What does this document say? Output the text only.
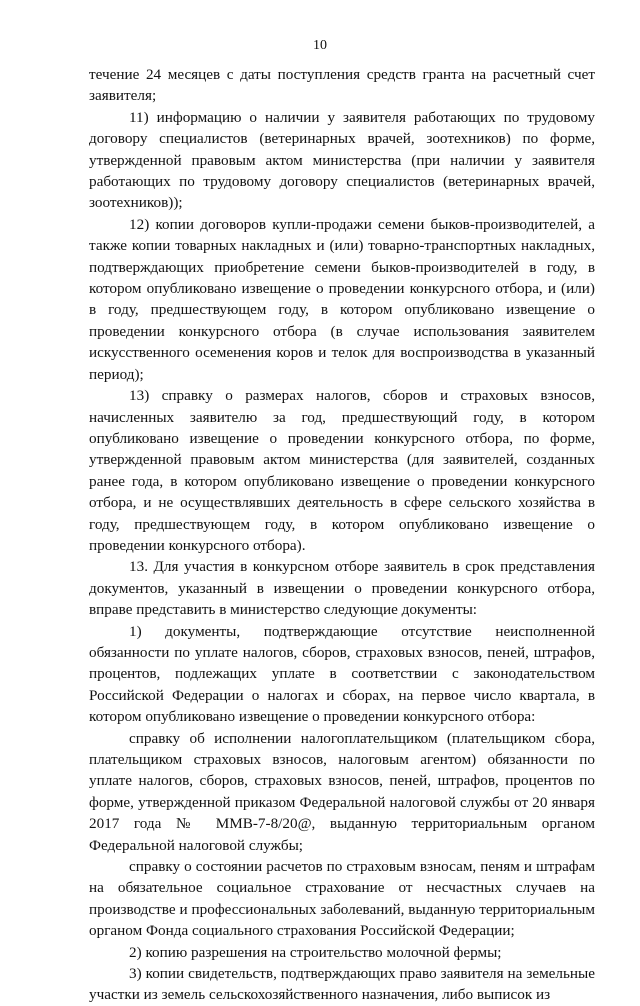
10

течение 24 месяцев с даты поступления средств гранта на расчетный счет заявителя;

11) информацию о наличии у заявителя работающих по трудовому договору специалистов (ветеринарных врачей, зоотехников) по форме, утвержденной правовым актом министерства (при наличии у заявителя работающих по трудовому договору специалистов (ветеринарных врачей, зоотехников));

12) копии договоров купли-продажи семени быков-производителей, а также копии товарных накладных и (или) товарно-транспортных накладных, подтверждающих приобретение семени быков-производителей в году, в котором опубликовано извещение о проведении конкурсного отбора, и (или) в году, предшествующем году, в котором опубликовано извещение о проведении конкурсного отбора (в случае использования заявителем искусственного осеменения коров и телок для воспроизводства в указанный период);

13) справку о размерах налогов, сборов и страховых взносов, начисленных заявителю за год, предшествующий году, в котором опубликовано извещение о проведении конкурсного отбора, по форме, утвержденной правовым актом министерства (для заявителей, созданных ранее года, в котором опубликовано извещение о проведении конкурсного отбора, и не осуществлявших деятельность в сфере сельского хозяйства в году, предшествующем году, в котором опубликовано извещение о проведении конкурсного отбора).

13. Для участия в конкурсном отборе заявитель в срок представления документов, указанный в извещении о проведении конкурсного отбора, вправе представить в министерство следующие документы:

1) документы, подтверждающие отсутствие неисполненной обязанности по уплате налогов, сборов, страховых взносов, пеней, штрафов, процентов, подлежащих уплате в соответствии с законодательством Российской Федерации о налогах и сборах, на первое число квартала, в котором опубликовано извещение о проведении конкурсного отбора:

справку об исполнении налогоплательщиком (плательщиком сбора, плательщиком страховых взносов, налоговым агентом) обязанности по уплате налогов, сборов, страховых взносов, пеней, штрафов, процентов по форме, утвержденной приказом Федеральной налоговой службы от 20 января 2017 года № ММВ-7-8/20@, выданную территориальным органом Федеральной налоговой службы;

справку о состоянии расчетов по страховым взносам, пеням и штрафам на обязательное социальное страхование от несчастных случаев на производстве и профессиональных заболеваний, выданную территориальным органом Фонда социального страхования Российской Федерации;

2) копию разрешения на строительство молочной фермы;

3) копии свидетельств, подтверждающих право заявителя на земельные участки из земель сельскохозяйственного назначения, либо выписок из
